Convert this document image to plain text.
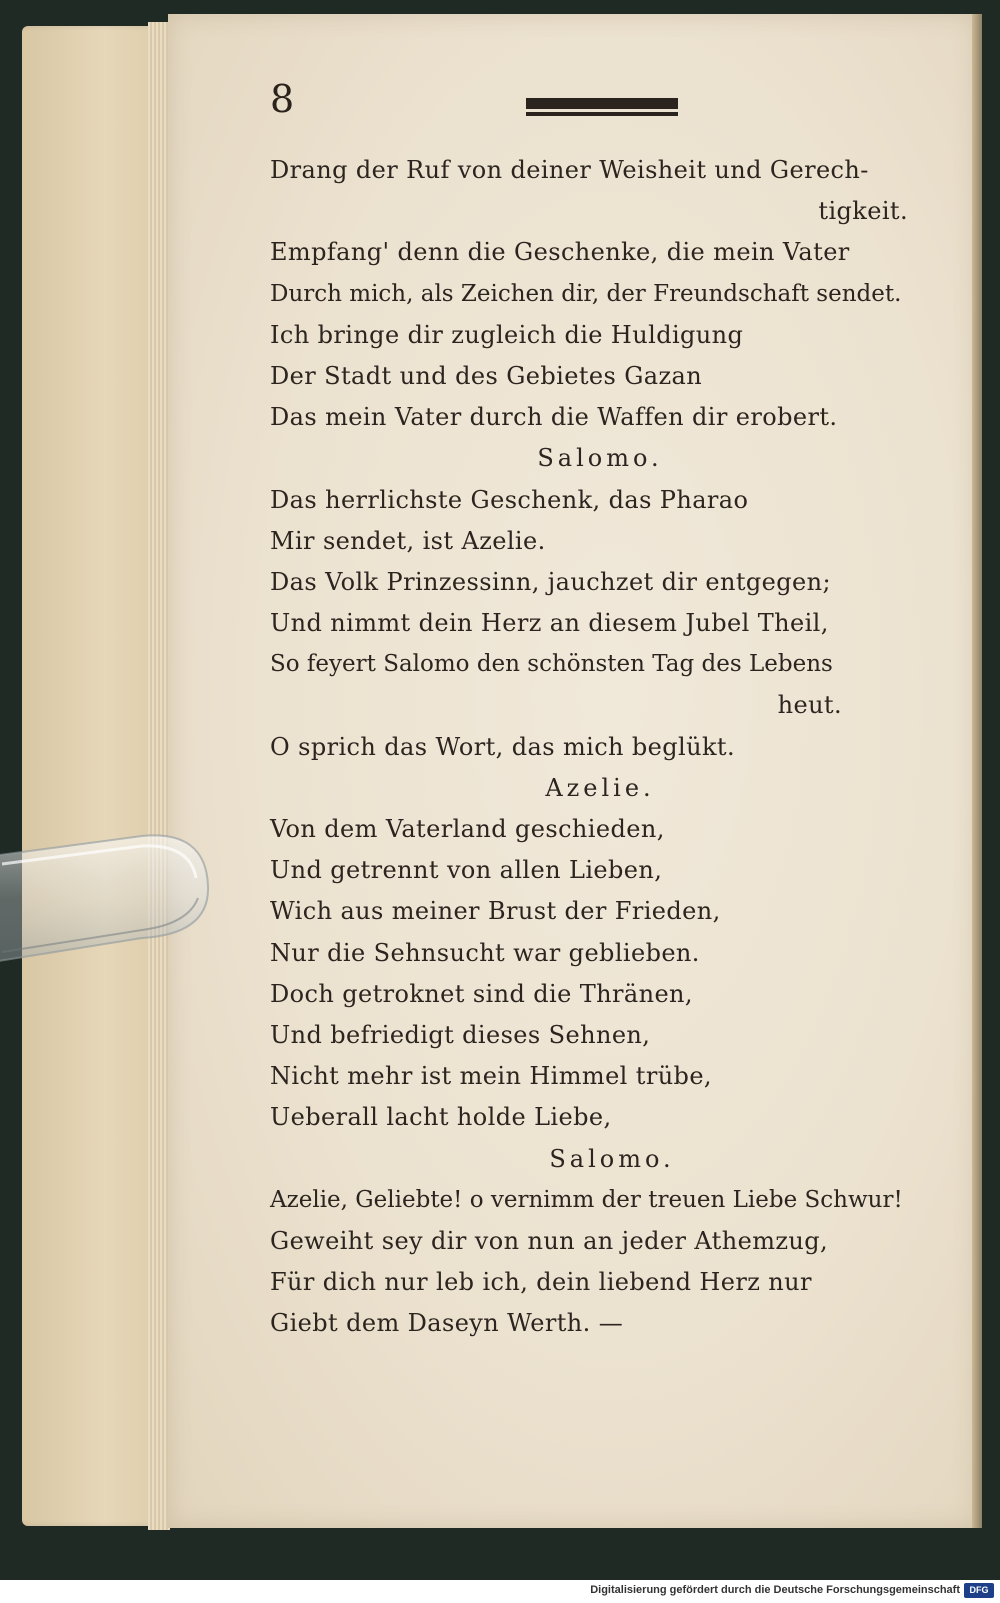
8
Drang der Ruf von deiner Weisheit und Gerech-
tigkeit.
Empfang' denn die Geschenke, die mein Vater
Durch mich, als Zeichen dir, der Freundschaft sendet.
Ich bringe dir zugleich die Huldigung
Der Stadt und des Gebietes Gazan
Das mein Vater durch die Waffen dir erobert.
Salomo.
Das herrlichste Geschenk, das Pharao
Mir sendet, ist Azelie.
Das Volk Prinzessinn, jauchzet dir entgegen;
Und nimmt dein Herz an diesem Jubel Theil,
So feyert Salomo den schönsten Tag des Lebens
heut.
O sprich das Wort, das mich beglükt.
Azelie.
Von dem Vaterland geschieden,
Und getrennt von allen Lieben,
Wich aus meiner Brust der Frieden,
Nur die Sehnsucht war geblieben.
Doch getroknet sind die Thränen,
Und befriedigt dieses Sehnen,
Nicht mehr ist mein Himmel trübe,
Ueberall lacht holde Liebe,
Salomo.
Azelie, Geliebte! o vernimm der treuen Liebe Schwur!
Geweiht sey dir von nun an jeder Athemzug,
Für dich nur leb ich, dein liebend Herz nur
Giebt dem Daseyn Werth. —
Digitalisierung gefördert durch die Deutsche Forschungsgemeinschaft	DFG
